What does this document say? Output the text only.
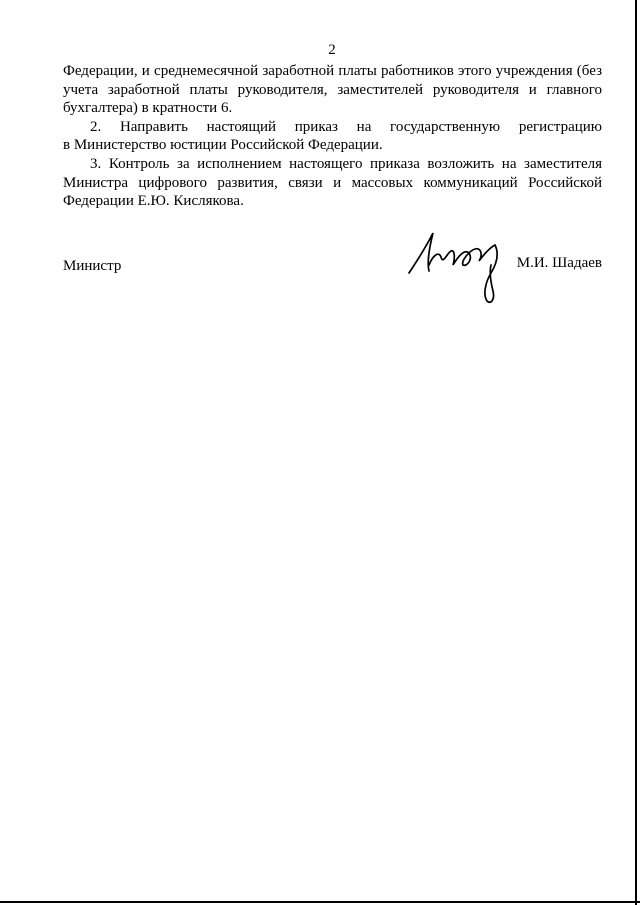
2

Федерации, и среднемесячной заработной платы работников этого учреждения (без учета заработной платы руководителя, заместителей руководителя и главного бухгалтера) в кратности 6.

2. Направить настоящий приказ на государственную регистрацию

в Министерство юстиции Российской Федерации.

3. Контроль за исполнением настоящего приказа возложить на заместителя Министра цифрового развития, связи и массовых коммуникаций Российской Федерации Е.Ю. Кислякова.

Министр	М.И. Шадаев
